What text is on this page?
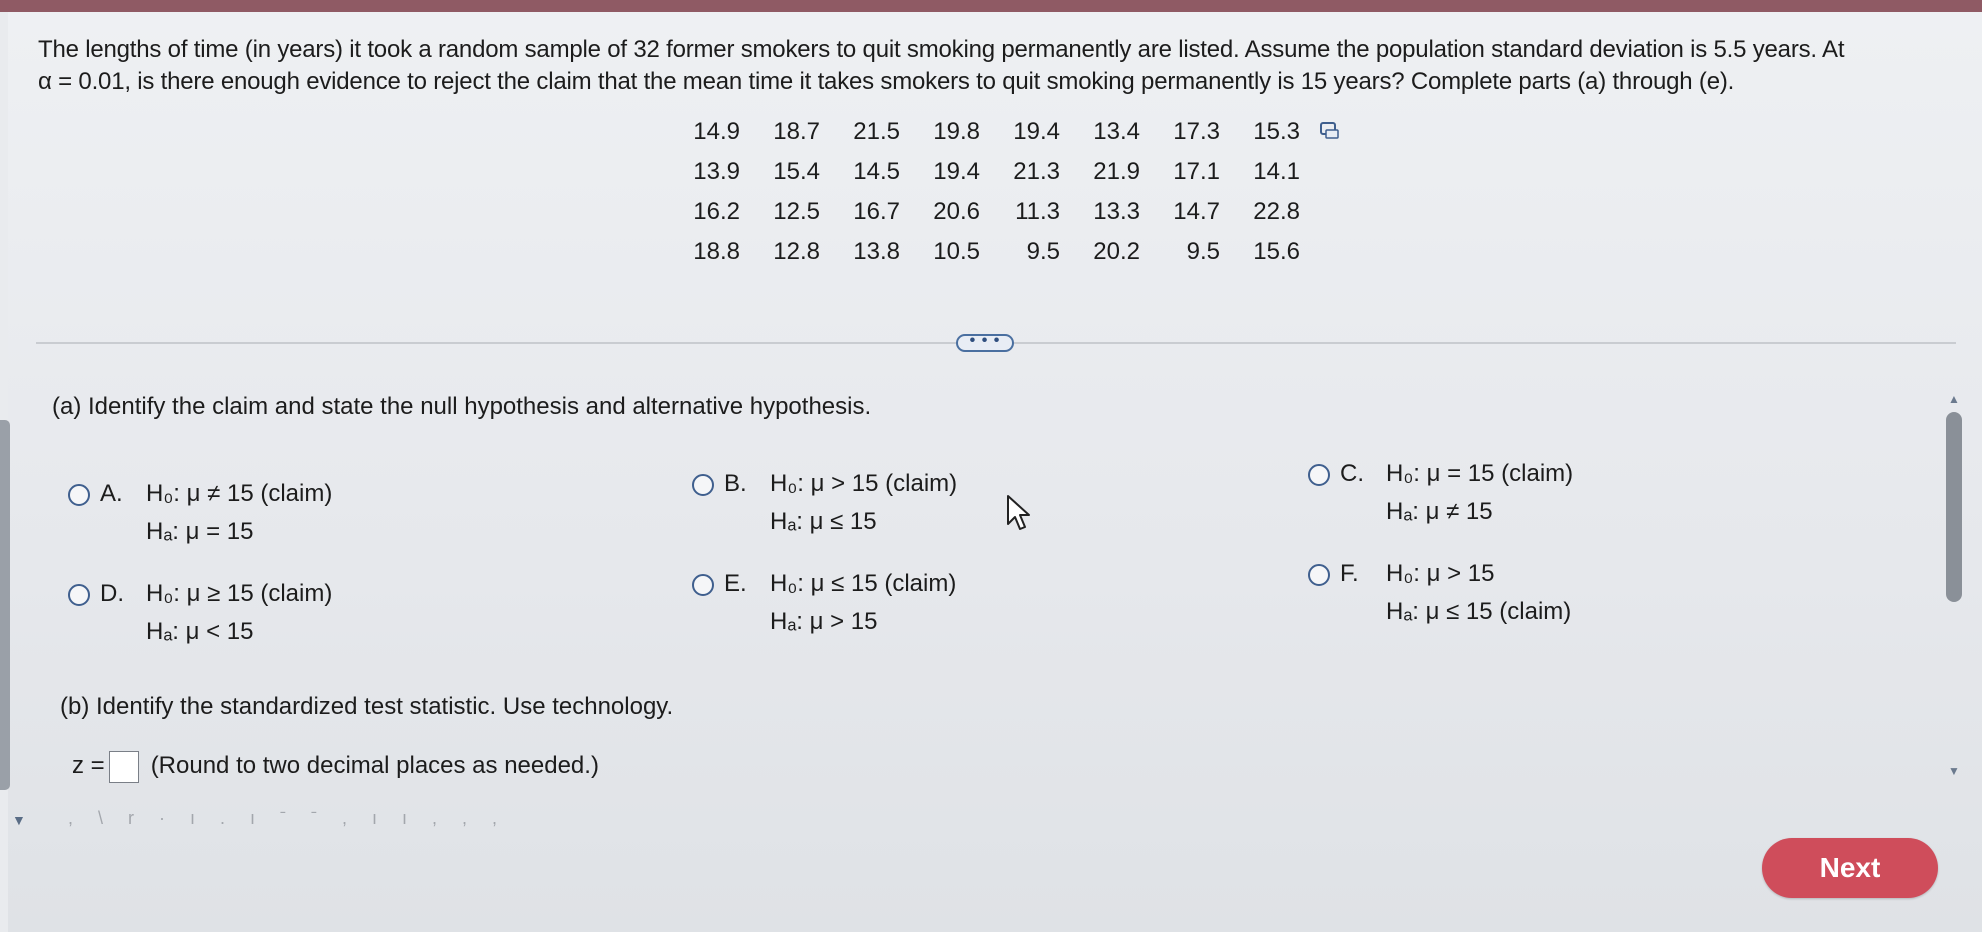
The lengths of time (in years) it took a random sample of 32 former smokers to quit smoking permanently are listed. Assume the population standard deviation is 5.5 years. At
α = 0.01, is there enough evidence to reject the claim that the mean time it takes smokers to quit smoking permanently is 15 years? Complete parts (a) through (e).
14.9	18.7	21.5	19.8	19.4	13.4	17.3	15.3
13.9	15.4	14.5	19.4	21.3	21.9	17.1	14.1
16.2	12.5	16.7	20.6	11.3	13.3	14.7	22.8
18.8	12.8	13.8	10.5	9.5	20.2	9.5	15.6
• • •
(a) Identify the claim and state the null hypothesis and alternative hypothesis.
A. H₀: μ ≠ 15 (claim)
Hₐ: μ = 15
B. H₀: μ > 15 (claim)
Hₐ: μ ≤ 15
C. H₀: μ = 15 (claim)
Hₐ: μ ≠ 15
D. H₀: μ ≥ 15 (claim)
Hₐ: μ < 15
E. H₀: μ ≤ 15 (claim)
Hₐ: μ > 15
F. H₀: μ > 15
Hₐ: μ ≤ 15 (claim)
(b) Identify the standardized test statistic. Use technology.
z = (Round to two decimal places as needed.)
, \ r · ı . ı ˉ ˉ , ı ı , , ,
▲
▼
Next
▼
